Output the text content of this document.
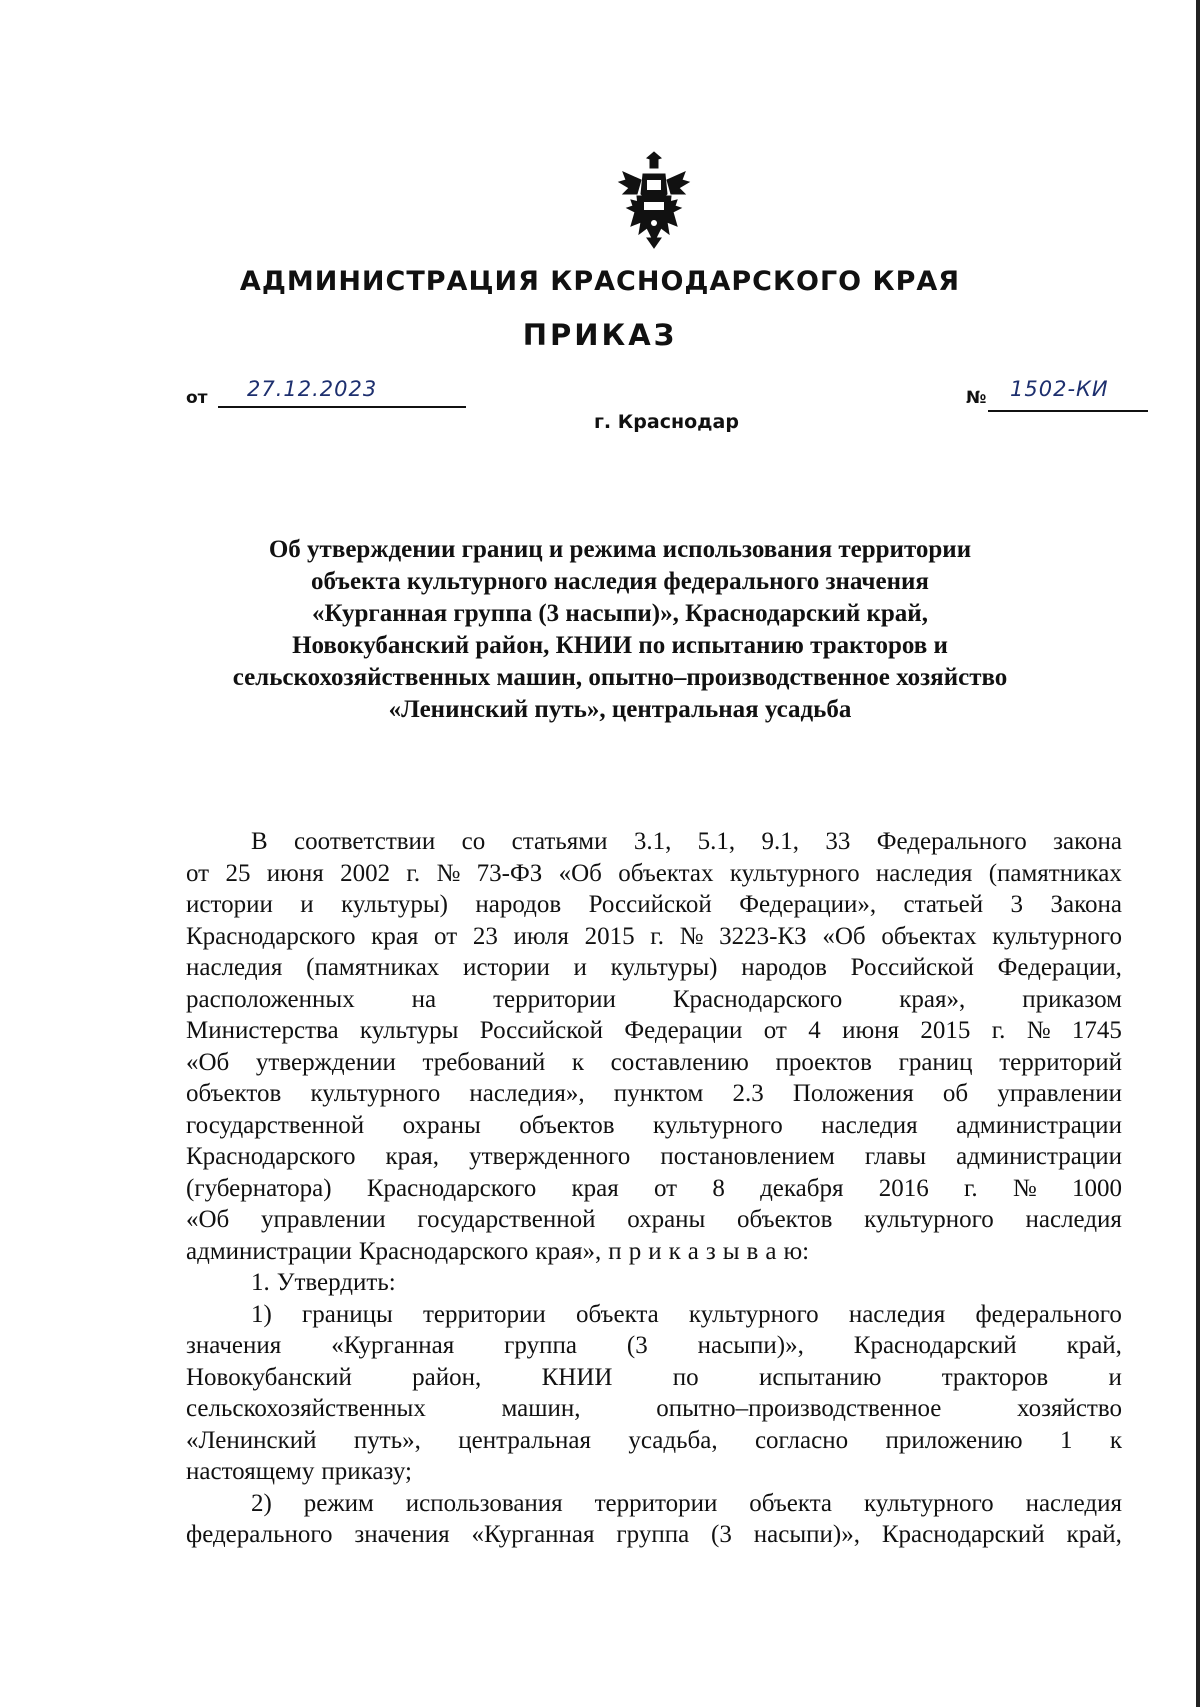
АДМИНИСТРАЦИЯ КРАСНОДАРСКОГО КРАЯ
ПРИКАЗ
от 27.12.2023	№ 1502-КИ
г. Краснодар
Об утверждении границ и режима использования территории
объекта культурного наследия федерального значения
«Курганная группа (3 насыпи)», Краснодарский край,
Новокубанский район, КНИИ по испытанию тракторов и
сельскохозяйственных машин, опытно–производственное хозяйство
«Ленинский путь», центральная усадьба
В соответствии со статьями 3.1, 5.1, 9.1, 33 Федерального закона
от 25 июня 2002 г. № 73-ФЗ «Об объектах культурного наследия (памятниках
истории и культуры) народов Российской Федерации», статьей 3 Закона
Краснодарского края от 23 июля 2015 г. № 3223-КЗ «Об объектах культурного
наследия (памятниках истории и культуры) народов Российской Федерации,
расположенных на территории Краснодарского края», приказом
Министерства культуры Российской Федерации от 4 июня 2015 г. № 1745
«Об утверждении требований к составлению проектов границ территорий
объектов культурного наследия», пунктом 2.3 Положения об управлении
государственной охраны объектов культурного наследия администрации
Краснодарского края, утвержденного постановлением главы администрации
(губернатора) Краснодарского края от 8 декабря 2016 г. № 1000
«Об управлении государственной охраны объектов культурного наследия
администрации Краснодарского края», п р и к а з ы в а ю:
1. Утвердить:
1) границы территории объекта культурного наследия федерального
значения «Курганная группа (3 насыпи)», Краснодарский край,
Новокубанский район, КНИИ по испытанию тракторов и
сельскохозяйственных	машин,	опытно–производственное	хозяйство
«Ленинский путь», центральная усадьба, согласно приложению 1 к
настоящему приказу;
2) режим использования территории объекта культурного наследия
федерального значения «Курганная группа (3 насыпи)», Краснодарский край,
